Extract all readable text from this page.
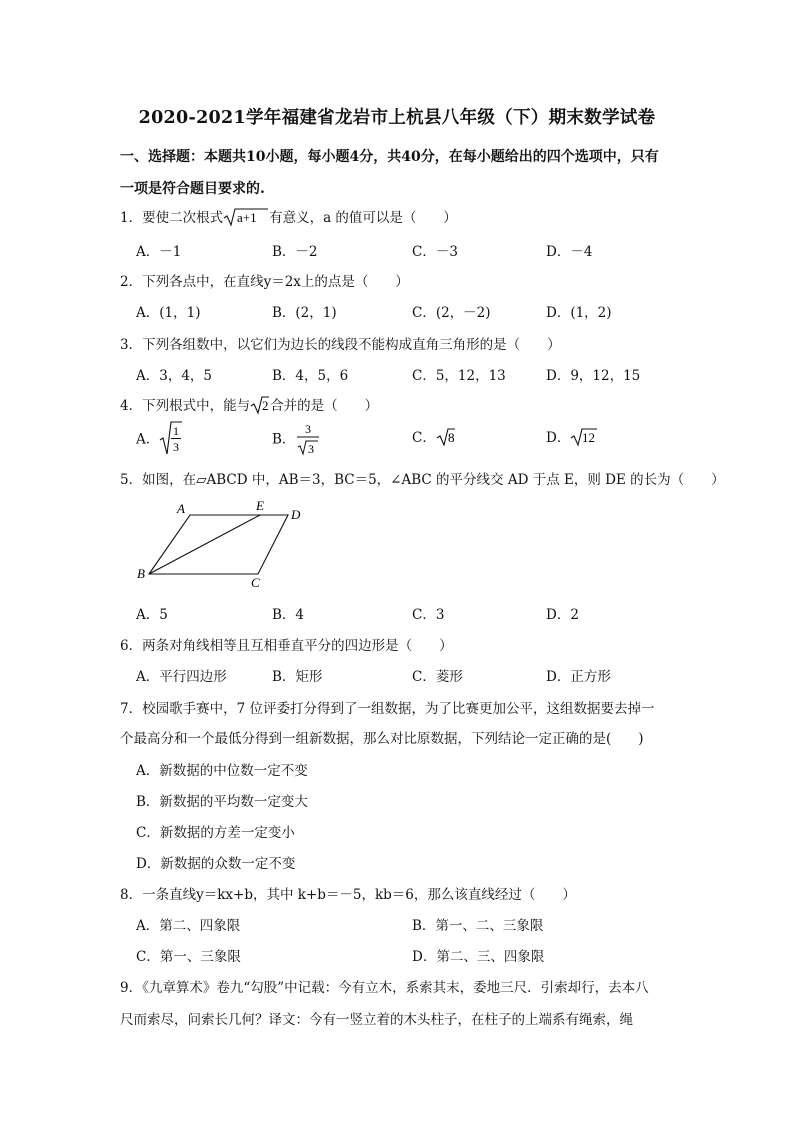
2020-2021学年福建省龙岩市上杭县八年级（下）期末数学试卷
一、选择题：本题共10小题，每小题4分，共40分，在每小题给出的四个选项中，只有
一项是符合题目要求的.
1．要使二次根式 a+1 有意义，a 的值可以是（　　）
A．－1	B．－2	C．－3	D．－4
2．下列各点中，在直线y＝2x上的点是（　　）
A．(1，1)	B．(2，1)	C．(2，－2)	D．(1，2)
3．下列各组数中，以它们为边长的线段不能构成直角三角形的是（　　）
A．3，4，5	B．4，5，6	C．5，12，13	D．9，12，15
4．下列根式中，能与 2 合并的是（　　）
A．
1
3	B．
3
3
C． 8	D． 12
5．如图，在▱ABCD 中，AB＝3，BC＝5，∠ABC 的平分线交 AD 于点 E，则 DE 的长为（　　）
A	E
D
B
C
A．5	B．4	C．3	D．2
6．两条对角线相等且互相垂直平分的四边形是（　　）
A．平行四边形	B．矩形	C．菱形	D．正方形
7．校园歌手赛中，7 位评委打分得到了一组数据，为了比赛更加公平，这组数据要去掉一
个最高分和一个最低分得到一组新数据，那么对比原数据，下列结论一定正确的是(　　)
A．新数据的中位数一定不变
B．新数据的平均数一定变大
C．新数据的方差一定变小
D．新数据的众数一定不变
8．一条直线y＝kx+b，其中 k+b＝－5，kb＝6，那么该直线经过（　　）
A．第二、四象限	B．第一、二、三象限
C．第一、三象限	D．第二、三、四象限
9．《九章算术》卷九“勾股”中记载：今有立木，系索其末，委地三尺．引索却行，去本八
尺而索尽，问索长几何？译文：今有一竖立着的木头柱子，在柱子的上端系有绳索，绳
